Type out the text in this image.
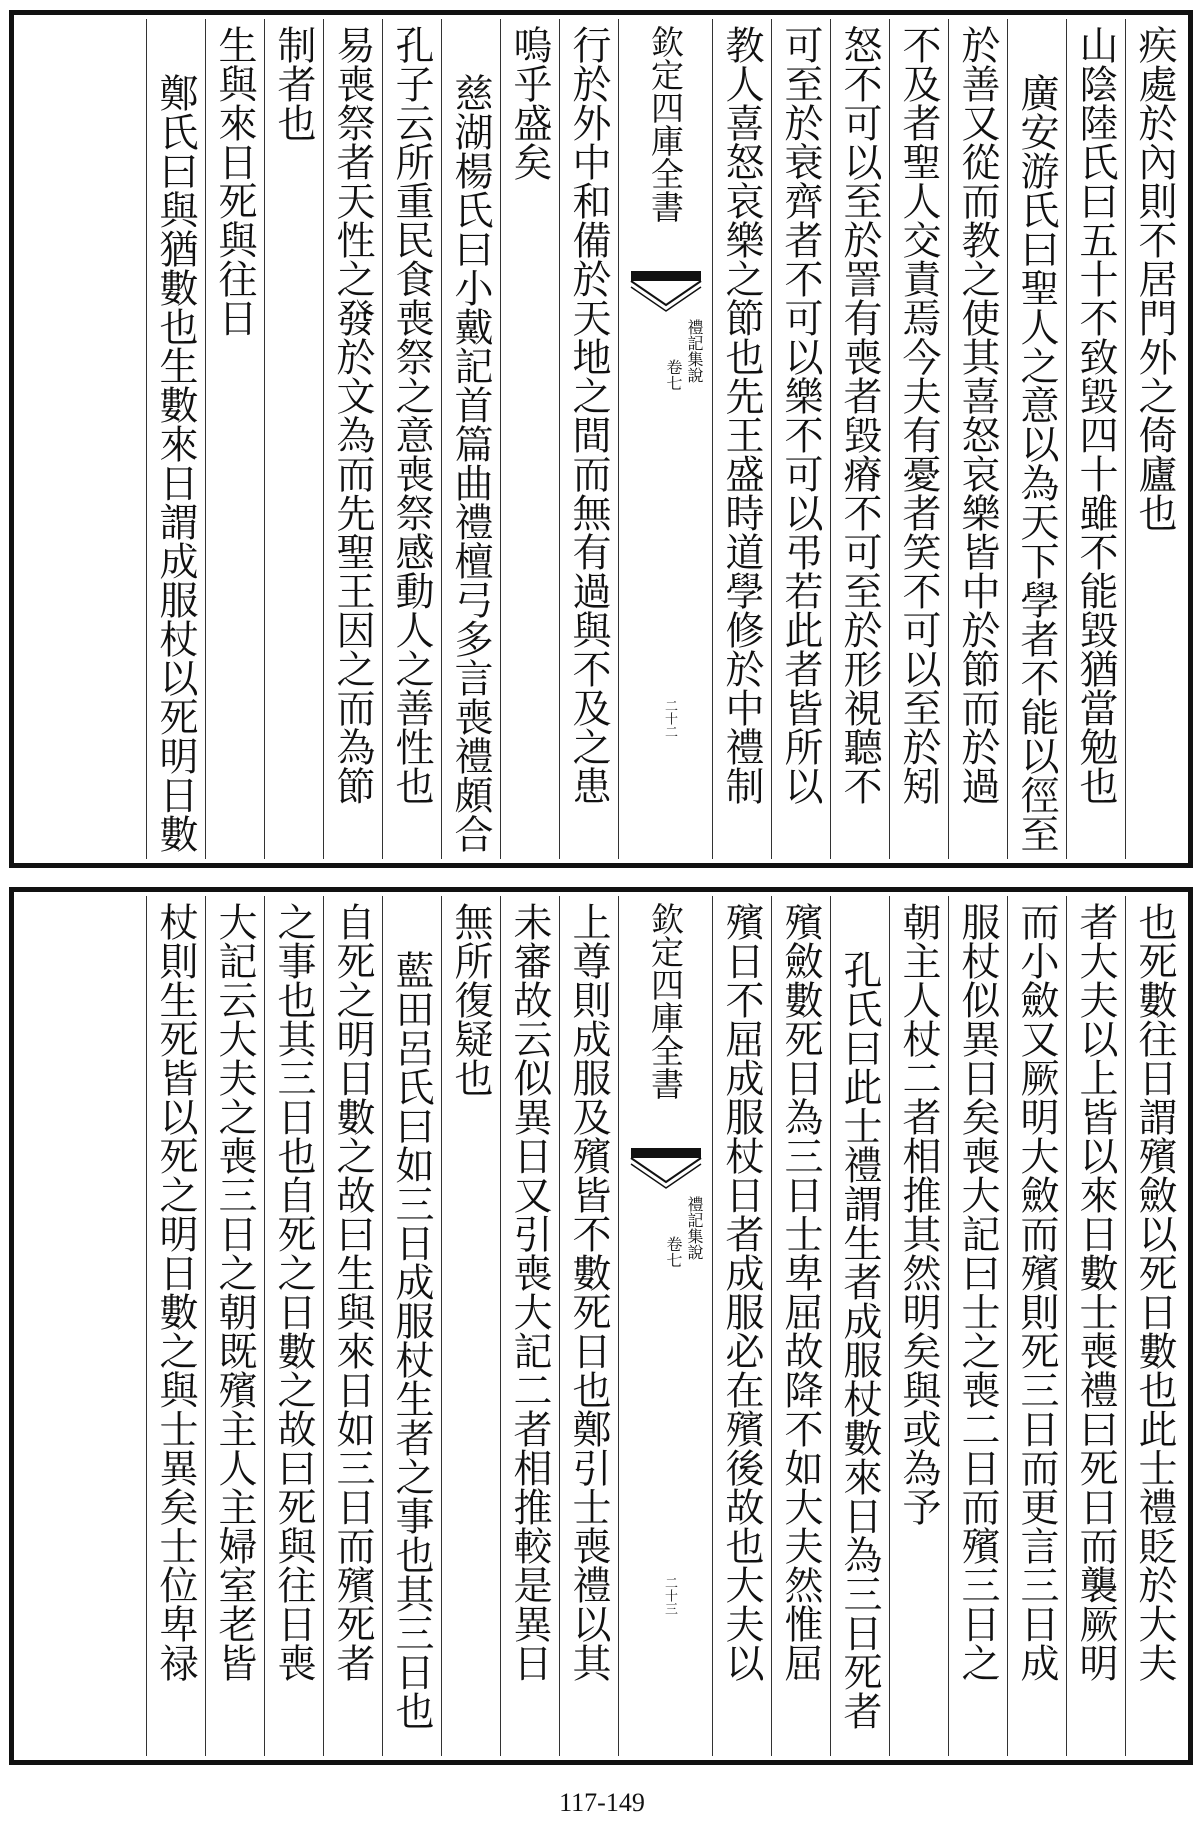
疾處於內則不居門外之倚廬也
山陰陸氏曰五十不致毀四十雖不能毀猶當勉也
廣安游氏曰聖人之意以為天下學者不能以徑至
於善又從而教之使其喜怒哀樂皆中於節而於過
不及者聖人交責焉今夫有憂者笑不可以至於矧
怒不可以至於詈有喪者毀瘠不可至於形視聽不
可至於衰齊者不可以樂不可以弔若此者皆所以
教人喜怒哀樂之節也先王盛時道學修於中禮制
欽定四庫全書
禮記集說
卷七
二十二
行於外中和備於天地之間而無有過與不及之患
嗚乎盛矣
慈湖楊氏曰小戴記首篇曲禮檀弓多言喪禮頗合
孔子云所重民食喪祭之意喪祭感動人之善性也
易喪祭者天性之發於文為而先聖王因之而為節
制者也
生與來日死與往日
鄭氏曰與猶數也生數來日謂成服杖以死明日數
也死數往日謂殯斂以死日數也此士禮貶於大夫
者大夫以上皆以來日數士喪禮曰死日而襲厥明
而小斂又厥明大斂而殯則死三日而更言三日成
服杖似異日矣喪大記曰士之喪二日而殯三日之
朝主人杖二者相推其然明矣與或為予
孔氏曰此士禮謂生者成服杖數來日為三日死者
殯斂數死日為三日士卑屈故降不如大夫然惟屈
殯日不屈成服杖日者成服必在殯後故也大夫以
欽定四庫全書
禮記集說
卷七
二十三
上尊則成服及殯皆不數死日也鄭引士喪禮以其
未審故云似異日又引喪大記二者相推較是異日
無所復疑也
藍田呂氏曰如三日成服杖生者之事也其三日也
自死之明日數之故曰生與來日如三日而殯死者
之事也其三日也自死之日數之故曰死與往日喪
大記云大夫之喪三日之朝既殯主人主婦室老皆
杖則生死皆以死之明日數之與士異矣士位卑禄
117-149
